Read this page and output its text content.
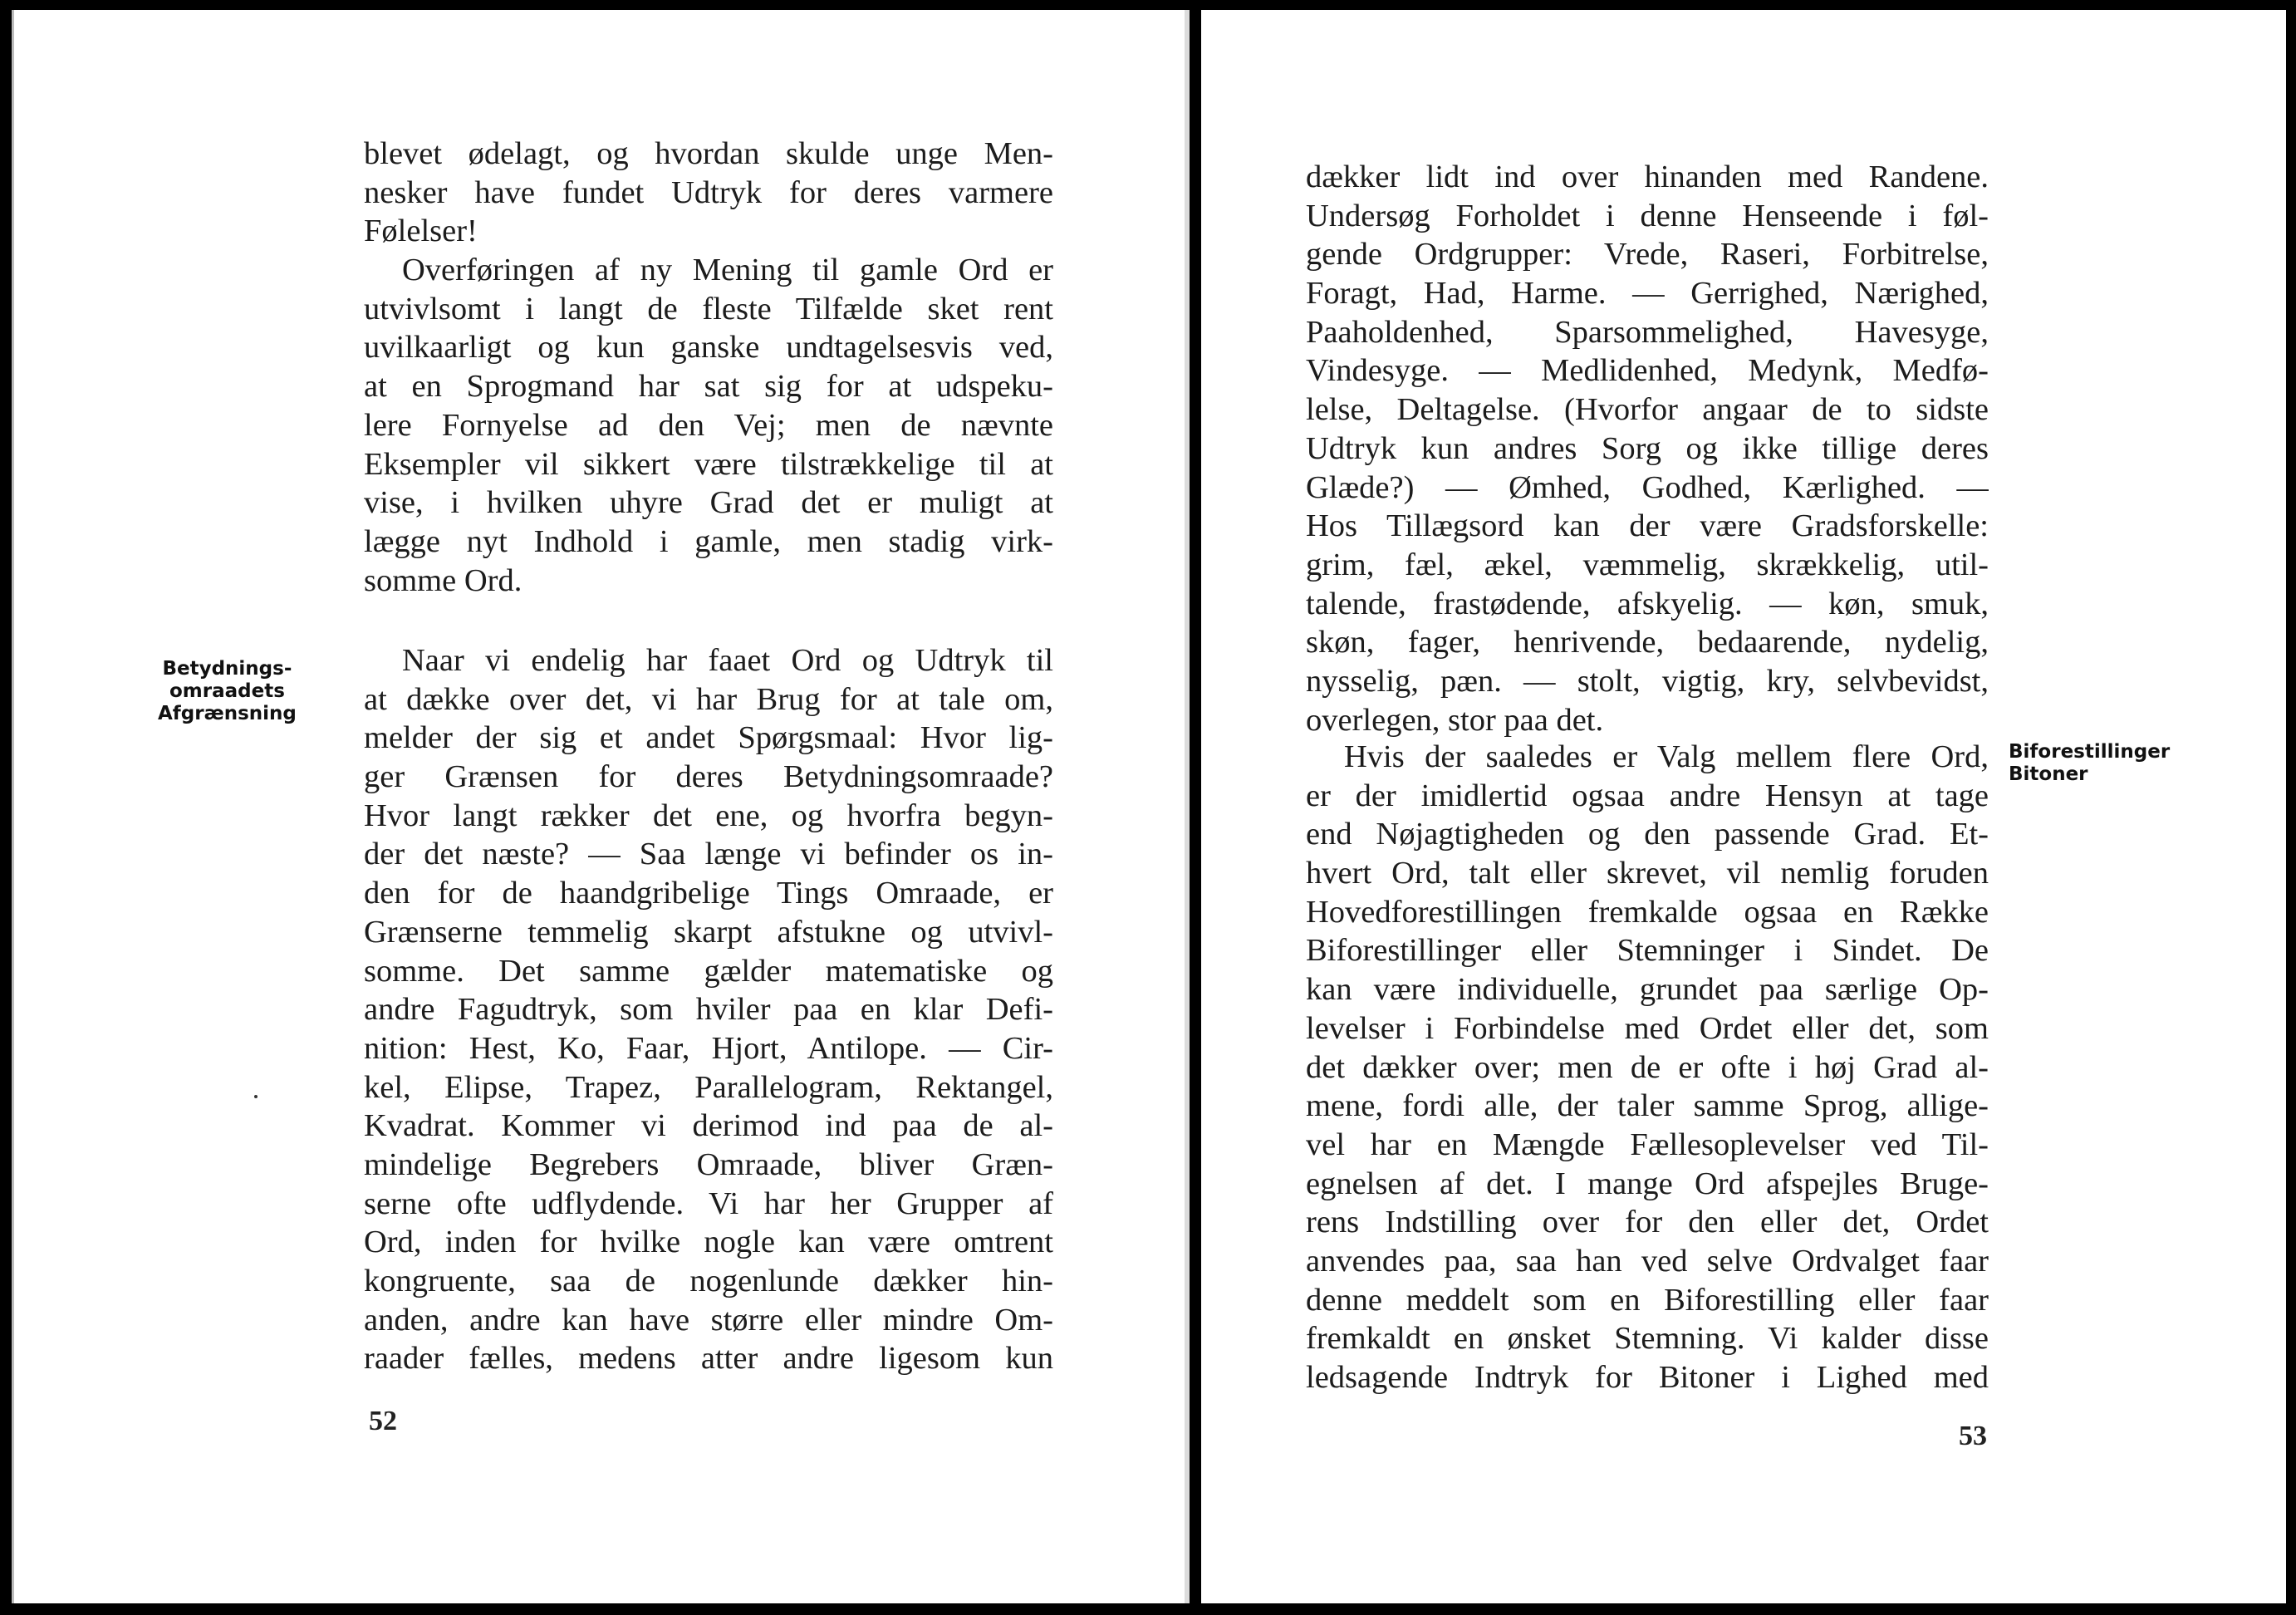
Betydnings-
omraadets
Afgrænsning
blevet ødelagt, og hvordan skulde unge Men-
nesker have fundet Udtryk for deres varmere
Følelser!
Overføringen af ny Mening til gamle Ord er
utvivlsomt i langt de fleste Tilfælde sket rent
uvilkaarligt og kun ganske undtagelsesvis ved,
at en Sprogmand har sat sig for at udspeku-
lere Fornyelse ad den Vej; men de nævnte
Eksempler vil sikkert være tilstrækkelige til at
vise, i hvilken uhyre Grad det er muligt at
lægge nyt Indhold i gamle, men stadig virk-
somme Ord.
Naar vi endelig har faaet Ord og Udtryk til
at dække over det, vi har Brug for at tale om,
melder der sig et andet Spørgsmaal: Hvor lig-
ger Grænsen for deres Betydningsomraade?
Hvor langt rækker det ene, og hvorfra begyn-
der det næste? — Saa længe vi befinder os in-
den for de haandgribelige Tings Omraade, er
Grænserne temmelig skarpt afstukne og utvivl-
somme. Det samme gælder matematiske og
andre Fagudtryk, som hviler paa en klar Defi-
nition: Hest, Ko, Faar, Hjort, Antilope. — Cir-
kel, Elipse, Trapez, Parallelogram, Rektangel,
Kvadrat. Kommer vi derimod ind paa de al-
mindelige Begrebers Omraade, bliver Græn-
serne ofte udflydende. Vi har her Grupper af
Ord, inden for hvilke nogle kan være omtrent
kongruente, saa de nogenlunde dækker hin-
anden, andre kan have større eller mindre Om-
raader fælles, medens atter andre ligesom kun
52
dækker lidt ind over hinanden med Randene.
Undersøg Forholdet i denne Henseende i føl-
gende Ordgrupper: Vrede, Raseri, Forbitrelse,
Foragt, Had, Harme. — Gerrighed, Nærighed,
Paaholdenhed, Sparsommelighed, Havesyge,
Vindesyge. — Medlidenhed, Medynk, Medfø-
lelse, Deltagelse. (Hvorfor angaar de to sidste
Udtryk kun andres Sorg og ikke tillige deres
Glæde?) — Ømhed, Godhed, Kærlighed. —
Hos Tillægsord kan der være Gradsforskelle:
grim, fæl, ækel, væmmelig, skrækkelig, util-
talende, frastødende, afskyelig. — køn, smuk,
skøn, fager, henrivende, bedaarende, nydelig,
nysselig, pæn. — stolt, vigtig, kry, selvbevidst,
overlegen, stor paa det.
Biforestillinger
Bitoner
Hvis der saaledes er Valg mellem flere Ord,
er der imidlertid ogsaa andre Hensyn at tage
end Nøjagtigheden og den passende Grad. Et-
hvert Ord, talt eller skrevet, vil nemlig foruden
Hovedforestillingen fremkalde ogsaa en Række
Biforestillinger eller Stemninger i Sindet. De
kan være individuelle, grundet paa særlige Op-
levelser i Forbindelse med Ordet eller det, som
det dækker over; men de er ofte i høj Grad al-
mene, fordi alle, der taler samme Sprog, allige-
vel har en Mængde Fællesoplevelser ved Til-
egnelsen af det. I mange Ord afspejles Bruge-
rens Indstilling over for den eller det, Ordet
anvendes paa, saa han ved selve Ordvalget faar
denne meddelt som en Biforestilling eller faar
fremkaldt en ønsket Stemning. Vi kalder disse
ledsagende Indtryk for Bitoner i Lighed med
53
